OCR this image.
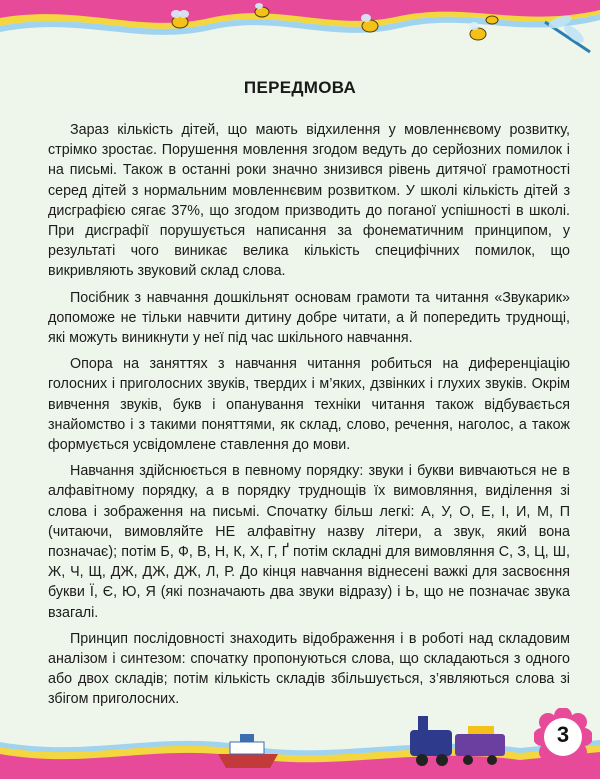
ПЕРЕДМОВА

Зараз кількість дітей, що мають відхилення у мовленнєвому розвитку, стрімко зростає. Порушення мовлення згодом ведуть до серйозних помилок і на письмі. Також в останні роки значно знизився рівень дитячої грамотності серед дітей з нормальним мовленнєвим розвитком. У школі кількість дітей з дисграфією сягає 37%, що згодом призводить до поганої успішності в школі. При дисграфії порушується написання за фонематичним принципом, у результаті чого виникає велика кількість специфічних помилок, що викривляють звуковий склад слова.

Посібник з навчання дошкільнят основам грамоти та читання «Звукарик» допоможе не тільки навчити дитину добре читати, а й попередить труднощі, які можуть виникнути у неї під час шкільного навчання.

Опора на заняттях з навчання читання робиться на диференціацію голосних і приголосних звуків, твердих і м’яких, дзвінких і глухих звуків. Окрім вивчення звуків, букв і опанування техніки читання також відбувається знайомство і з такими поняттями, як склад, слово, речення, наголос, а також формується усвідомлене ставлення до мови.

Навчання здійснюється в певному порядку: звуки і букви вивчаються не в алфавітному порядку, а в порядку труднощів їх вимовляння, виділення зі слова і зображення на письмі. Спочатку більш легкі: А, У, О, Е, І, И, М, П (читаючи, вимовляйте НЕ алфавітну назву літери, а звук, який вона позначає); потім Б, Ф, В, Н, К, Х, Г, Ґ потім складні для вимовляння С, З, Ц, Ш, Ж, Ч, Щ, ДЖ, ДЖ, ДЖ, Л, Р. До кінця навчання віднесені важкі для засвоєння букви Ї, Є, Ю, Я (які позначають два звуки відразу) і Ь, що не позначає звука взагалі.

Принцип послідовності знаходить відображення і в роботі над складовим аналізом і синтезом: спочатку пропонуються слова, що складаються з одного або двох складів; потім кількість складів збільшується, з’являються слова зі збігом приголосних.

3
